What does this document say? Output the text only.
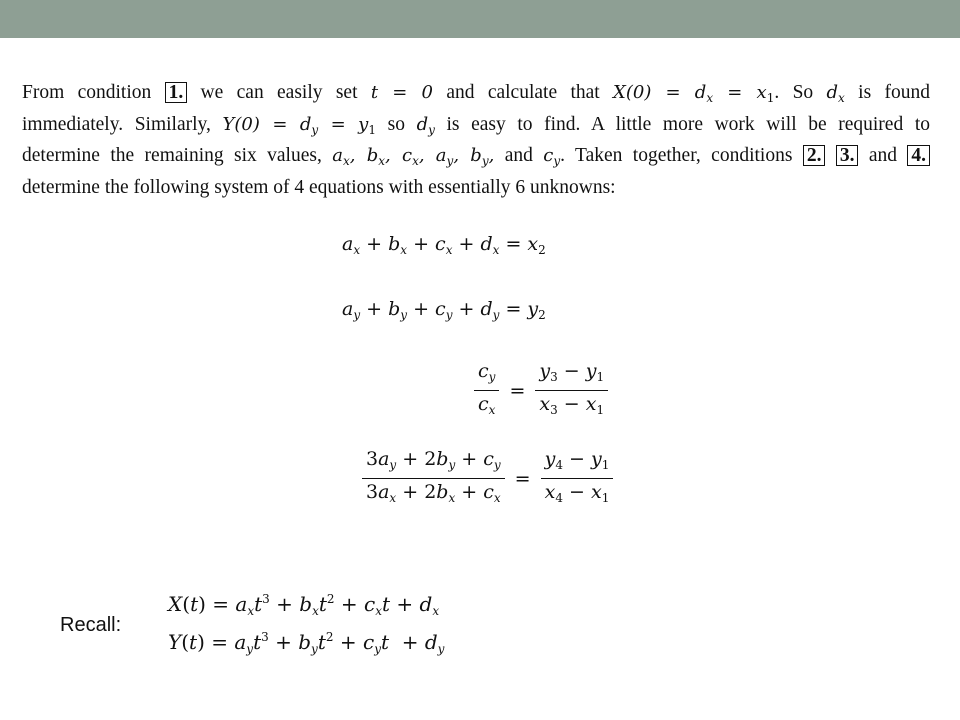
From condition 1. we can easily set t = 0 and calculate that $X(0) = d_x = x_1$. So $d_x$ is found
immediately. Similarly, $Y(0) = d_y = y_1$ so $d_y$ is easy to find. A little more work will be required to
determine the remaining six values, $a_x$, $b_x$, $c_x$, $a_y$, $b_y$, and $c_y$. Taken together, conditions 2. 3. and 4.
determine the following system of 4 equations with essentially 6 unknowns:
$a_x + b_x + c_x + d_x = x_2$
$a_y + b_y + c_y + d_y = y_2$
$\frac{c_y}{c_x} = \frac{y_3 - y_1}{x_3 - x_1}$
$\frac{3a_y + 2b_y + c_y}{3a_x + 2b_x + c_x} = \frac{y_4 - y_1}{x_4 - x_1}$
Recall:
$X(t) = a_xt^3 + b_xt^2 + c_xt + d_x$
$Y(t) = a_yt^3 + b_yt^2 + c_yt + d_y$
